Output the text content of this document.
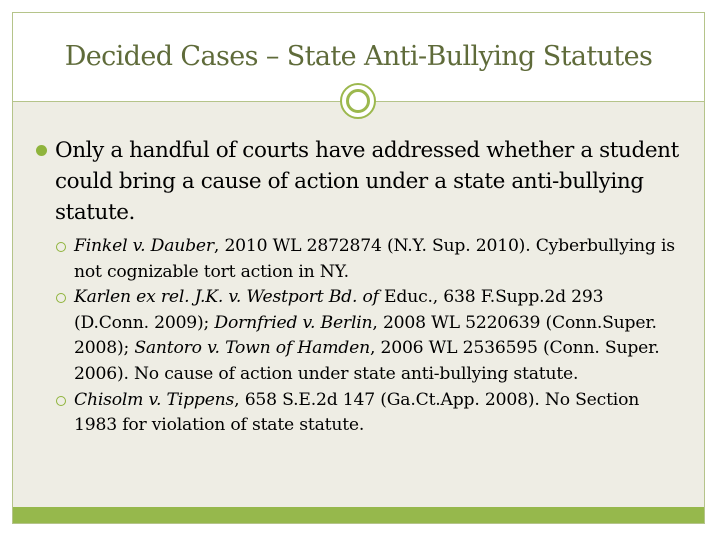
Decided Cases – State Anti-Bullying Statutes
Only a handful of courts have addressed whether a student could bring a cause of action under a state anti-bullying statute.
Finkel v. Dauber, 2010 WL 2872874 (N.Y. Sup. 2010). Cyberbullying is not cognizable tort action in NY.
Karlen ex rel. J.K. v. Westport Bd. of Educ., 638 F.Supp.2d 293 (D.Conn. 2009); Dornfried v. Berlin, 2008 WL 5220639 (Conn.Super. 2008); Santoro v. Town of Hamden, 2006 WL 2536595 (Conn. Super. 2006). No cause of action under state anti-bullying statute.
Chisolm v. Tippens, 658 S.E.2d 147 (Ga.Ct.App. 2008). No Section 1983 for violation of state statute.
